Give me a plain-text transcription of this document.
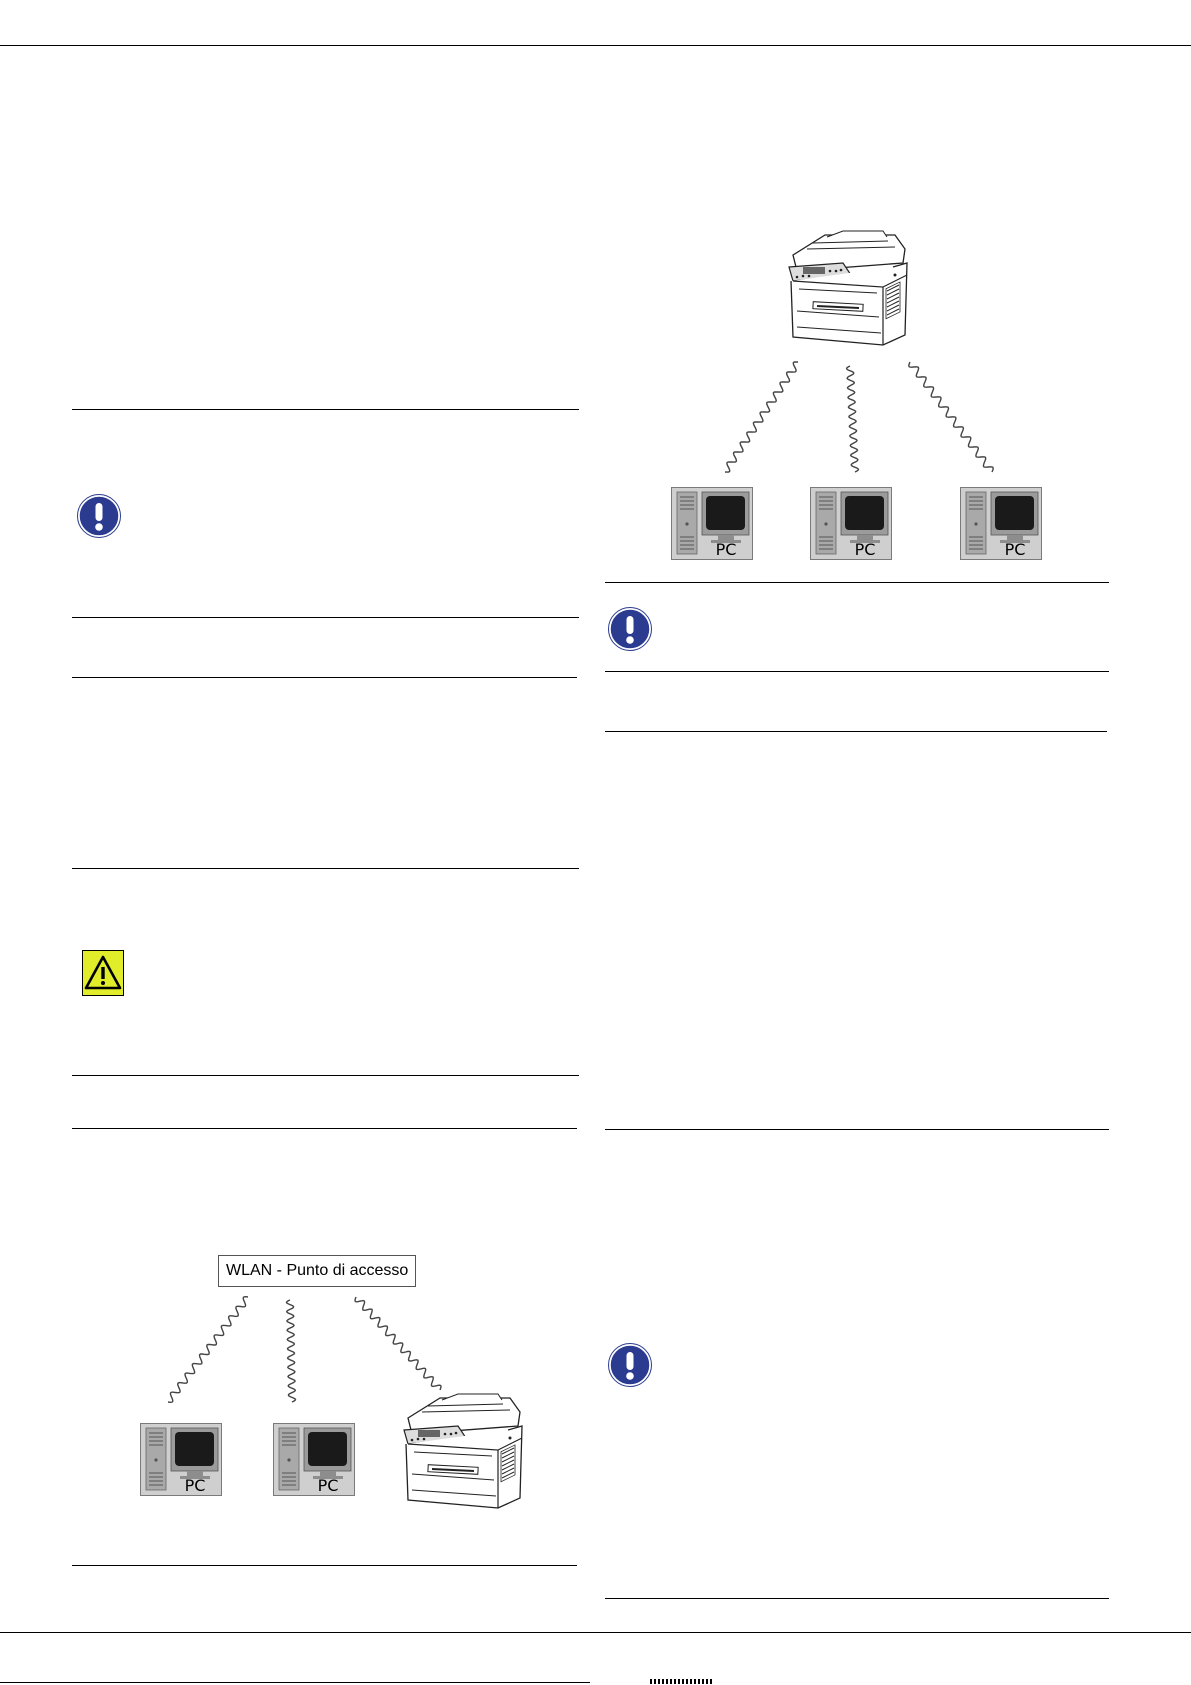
PC	PC	PC
WLAN - Punto di accesso
PC	PC
